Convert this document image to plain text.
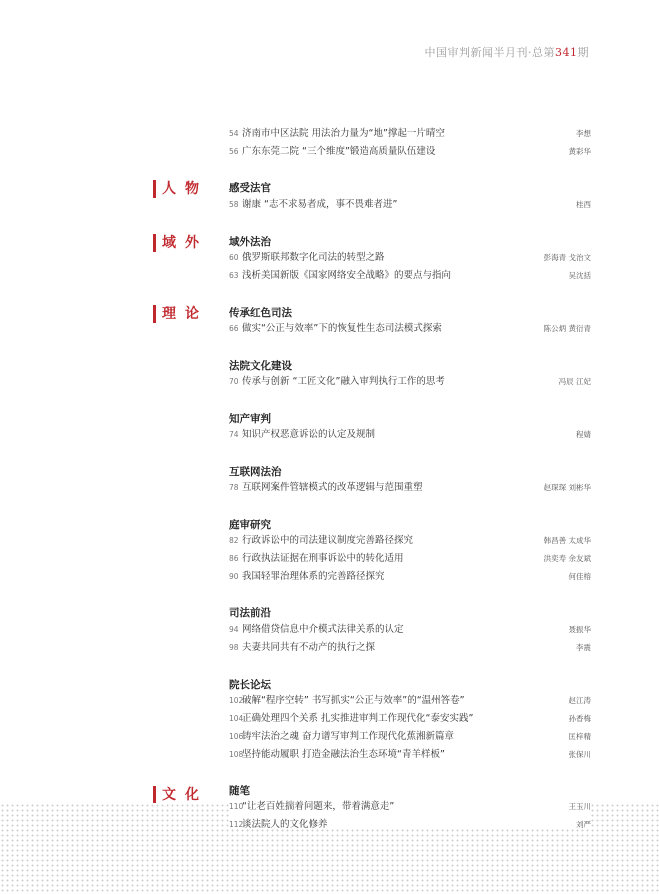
中国审判新闻半月刊·总第341期
人物
域外
理论
文化
54 济南市中区法院 用法治力量为“地”撑起一片晴空	李想
56 广东东莞二院 “三个维度”锻造高质量队伍建设	黄彩华
感受法官
58 谢康 “志不求易者成，事不畏难者进”	桂西
域外法治
60 俄罗斯联邦数字化司法的转型之路	彭海青 戈治文
63 浅析美国新版《国家网络安全战略》的要点与指向	吴沈括
传承红色司法
66 做实“公正与效率”下的恢复性生态司法模式探索	陈公炳 黄衍青
法院文化建设
70 传承与创新 “工匠文化”融入审判执行工作的思考	冯辰 江妃
知产审判
74 知识产权恶意诉讼的认定及规制	程婧
互联网法治
78 互联网案件管辖模式的改革逻辑与范围重塑	赵琛琛 刘彬华
庭审研究
82 行政诉讼中的司法建议制度完善路径探究	韩昌善 太成华
86 行政执法证据在刑事诉讼中的转化适用	洪奕寿 余友斌
90 我国轻罪治理体系的完善路径探究	何佳榕
司法前沿
94 网络借贷信息中介模式法律关系的认定	聂振华
98 夫妻共同共有不动产的执行之探	李震
院长论坛
102破解“程序空转” 书写抓实“公正与效率”的“温州答卷”	赵江涛
104正确处理四个关系 扎实推进审判工作现代化“泰安实践”	孙香梅
106铸牢法治之魂 奋力谱写审判工作现代化蕉湘新篇章	匡梓精
108坚持能动履职 打造金融法治生态环境“青羊样板”	张保川
随笔
110“让老百姓揣着问题来，带着满意走”	王玉川
112谈法院人的文化修养	刘严
